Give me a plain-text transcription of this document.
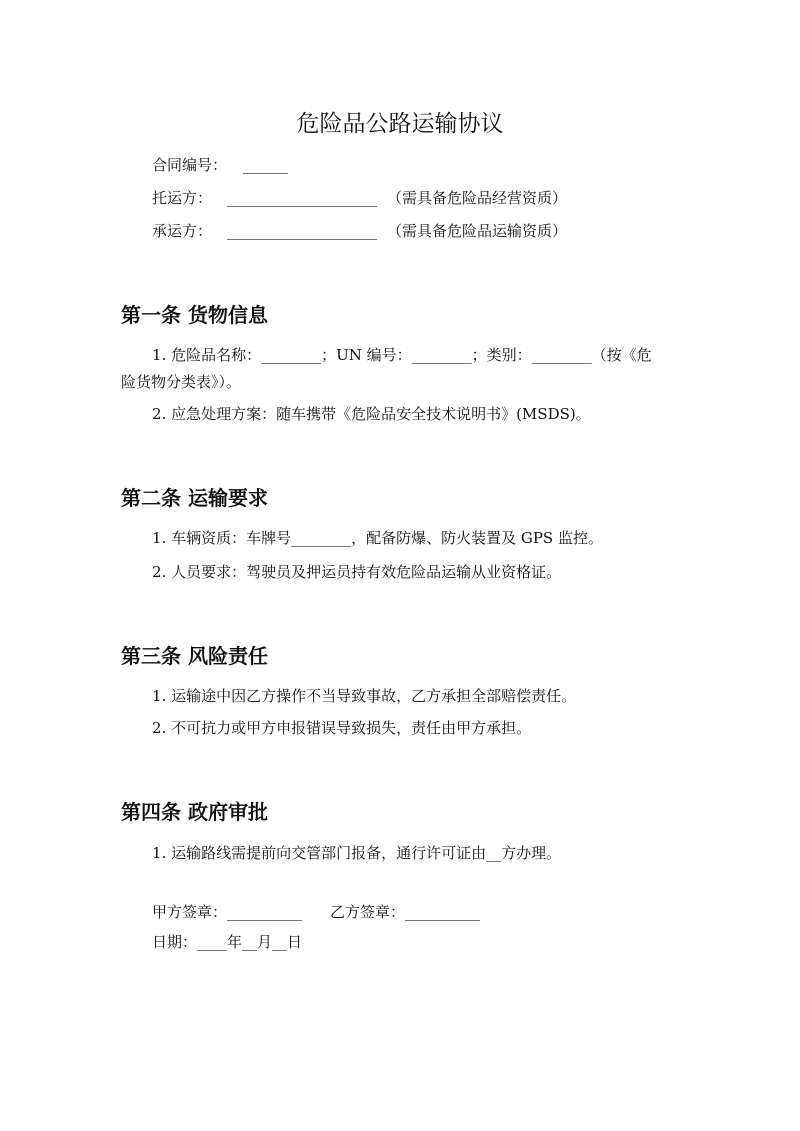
危险品公路运输协议
合同编号： ______
托运方： ____________________ （需具备危险品经营资质）
承运方： ____________________ （需具备危险品运输资质）
第一条 货物信息
1. 危险品名称：________；UN 编号：________；类别：________（按《危
险货物分类表》）。
2. 应急处理方案：随车携带《危险品安全技术说明书》(MSDS)。
第二条 运输要求
1. 车辆资质：车牌号________，配备防爆、防火装置及 GPS 监控。
2. 人员要求：驾驶员及押运员持有效危险品运输从业资格证。
第三条 风险责任
1. 运输途中因乙方操作不当导致事故，乙方承担全部赔偿责任。
2. 不可抗力或甲方申报错误导致损失，责任由甲方承担。
第四条 政府审批
1. 运输路线需提前向交管部门报备，通行许可证由__方办理。
甲方签章：__________ 乙方签章：__________
日期：____年__月__日
